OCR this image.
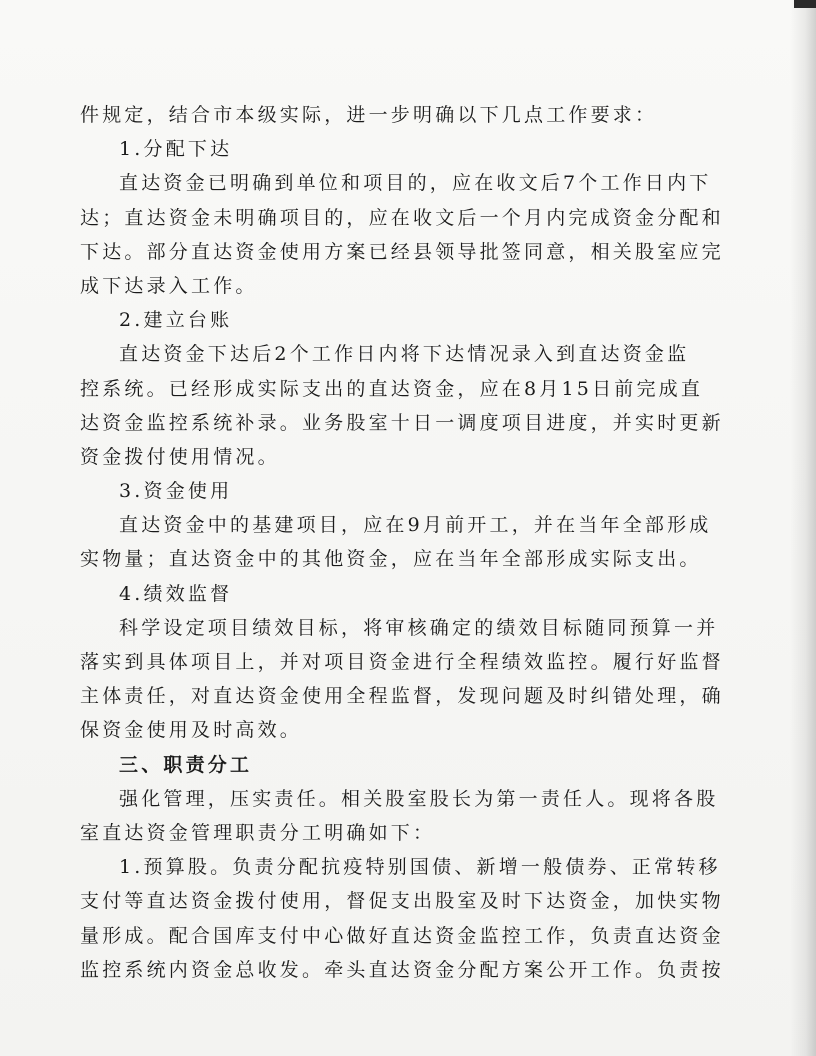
件规定，结合市本级实际，进一步明确以下几点工作要求：
1.分配下达
直达资金已明确到单位和项目的，应在收文后7个工作日内下
达；直达资金未明确项目的，应在收文后一个月内完成资金分配和
下达。部分直达资金使用方案已经县领导批签同意，相关股室应完
成下达录入工作。
2.建立台账
直达资金下达后2个工作日内将下达情况录入到直达资金监
控系统。已经形成实际支出的直达资金，应在8月15日前完成直
达资金监控系统补录。业务股室十日一调度项目进度，并实时更新
资金拨付使用情况。
3.资金使用
直达资金中的基建项目，应在9月前开工，并在当年全部形成
实物量；直达资金中的其他资金，应在当年全部形成实际支出。
4.绩效监督
科学设定项目绩效目标，将审核确定的绩效目标随同预算一并
落实到具体项目上，并对项目资金进行全程绩效监控。履行好监督
主体责任，对直达资金使用全程监督，发现问题及时纠错处理，确
保资金使用及时高效。
三、职责分工
强化管理，压实责任。相关股室股长为第一责任人。现将各股
室直达资金管理职责分工明确如下：
1.预算股。负责分配抗疫特别国债、新增一般债券、正常转移
支付等直达资金拨付使用，督促支出股室及时下达资金，加快实物
量形成。配合国库支付中心做好直达资金监控工作，负责直达资金
监控系统内资金总收发。牵头直达资金分配方案公开工作。负责按
